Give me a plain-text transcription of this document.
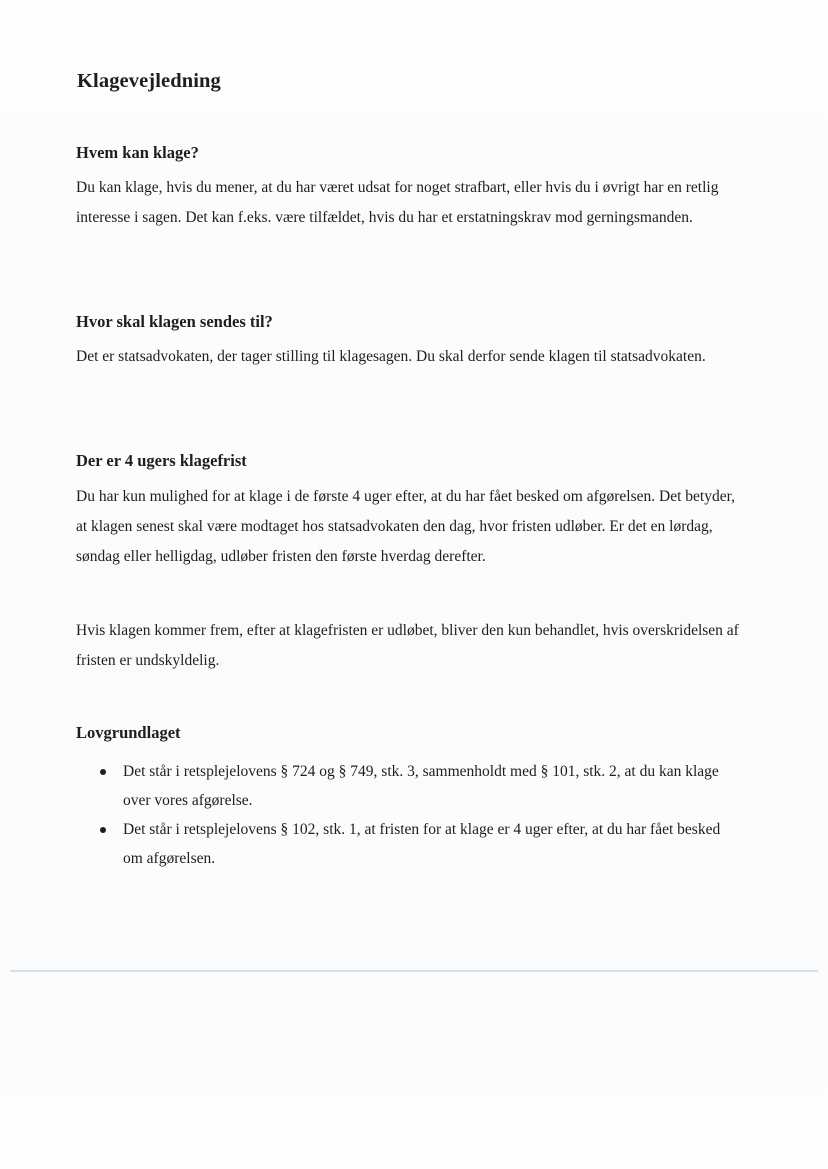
Klagevejledning
Hvem kan klage?

Du kan klage, hvis du mener, at du har været udsat for noget strafbart, eller hvis du i øvrigt har en retlig interesse i sagen. Det kan f.eks. være tilfældet, hvis du har et erstatningskrav mod gerningsmanden.

Hvor skal klagen sendes til?

Det er statsadvokaten, der tager stilling til klagesagen. Du skal derfor sende klagen til statsadvokaten.

Der er 4 ugers klagefrist

Du har kun mulighed for at klage i de første 4 uger efter, at du har fået besked om afgørelsen. Det betyder, at klagen senest skal være modtaget hos statsadvokaten den dag, hvor fristen udløber. Er det en lørdag, søndag eller helligdag, udløber fristen den første hverdag derefter.

Hvis klagen kommer frem, efter at klagefristen er udløbet, bliver den kun behandlet, hvis overskridelsen af fristen er undskyldelig.

Lovgrundlaget
Det står i retsplejelovens § 724 og § 749, stk. 3, sammenholdt med § 101, stk. 2, at du kan klage over vores afgørelse.
Det står i retsplejelovens § 102, stk. 1, at fristen for at klage er 4 uger efter, at du har fået besked om afgørelsen.
